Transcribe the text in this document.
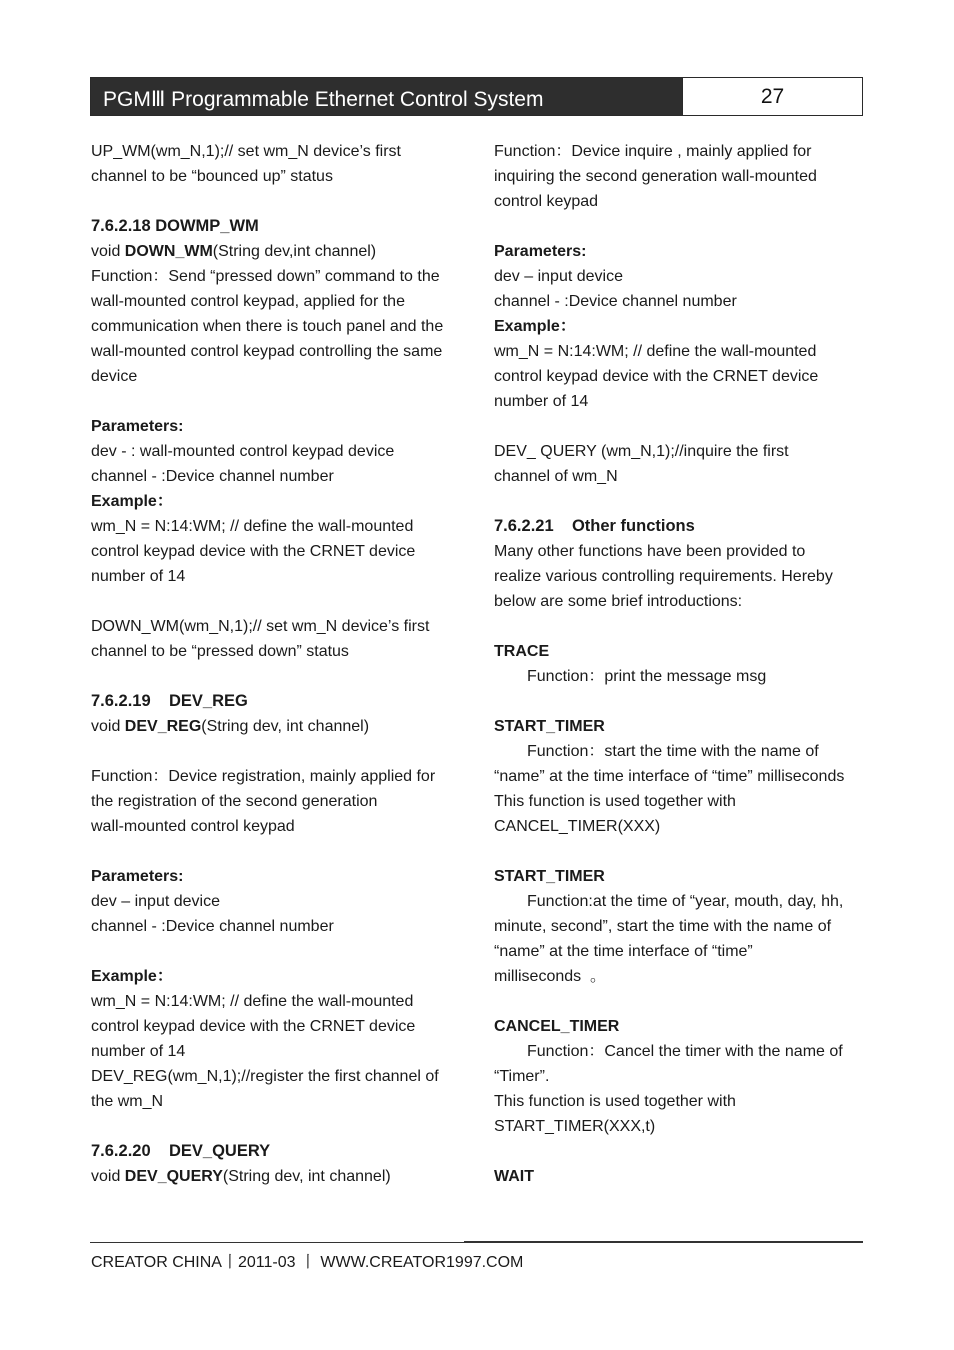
PGMⅢ Programmable Ethernet Control System	27
UP_WM(wm_N,1);// set wm_N device’s first
channel to be “bounced up” status
7.6.2.18 DOWMP_WM
void DOWN_WM(String dev,int channel)
Function：Send “pressed down” command to the
wall-mounted control keypad, applied for the
communication when there is touch panel and the
wall-mounted control keypad controlling the same
device
Parameters:
dev - : wall-mounted control keypad device
channel - :Device channel number
Example：
wm_N = N:14:WM; // define the wall-mounted
control keypad device with the CRNET device
number of 14
DOWN_WM(wm_N,1);// set wm_N device’s first
channel to be “pressed down” status
7.6.2.19    DEV_REG
void DEV_REG(String dev, int channel)
Function：Device registration, mainly applied for
the registration of the second generation
wall-mounted control keypad
Parameters:
dev – input device
channel - :Device channel number
Example：
wm_N = N:14:WM; // define the wall-mounted
control keypad device with the CRNET device
number of 14
DEV_REG(wm_N,1);//register the first channel of
the wm_N
7.6.2.20    DEV_QUERY
void DEV_QUERY(String dev, int channel)
Function：Device inquire , mainly applied for
inquiring the second generation wall-mounted
control keypad
Parameters:
dev – input device
channel - :Device channel number
Example：
wm_N = N:14:WM; // define the wall-mounted
control keypad device with the CRNET device
number of 14
DEV_ QUERY (wm_N,1);//inquire the first
channel of wm_N
7.6.2.21    Other functions
Many other functions have been provided to
realize various controlling requirements. Hereby
below are some brief introductions:
TRACE
Function：print the message msg
START_TIMER
Function：start the time with the name of
“name” at the time interface of “time” milliseconds
This function is used together with
CANCEL_TIMER(XXX)
START_TIMER
Function:at the time of “year, mouth, day, hh,
minute, second”, start the time with the name of
“name” at the time interface of “time”
milliseconds  。
CANCEL_TIMER
Function：Cancel the timer with the name of
“Timer”.
This function is used together with
START_TIMER(XXX,t)
WAIT
CREATOR CHINA丨2011-03 丨 WWW.CREATOR1997.COM
